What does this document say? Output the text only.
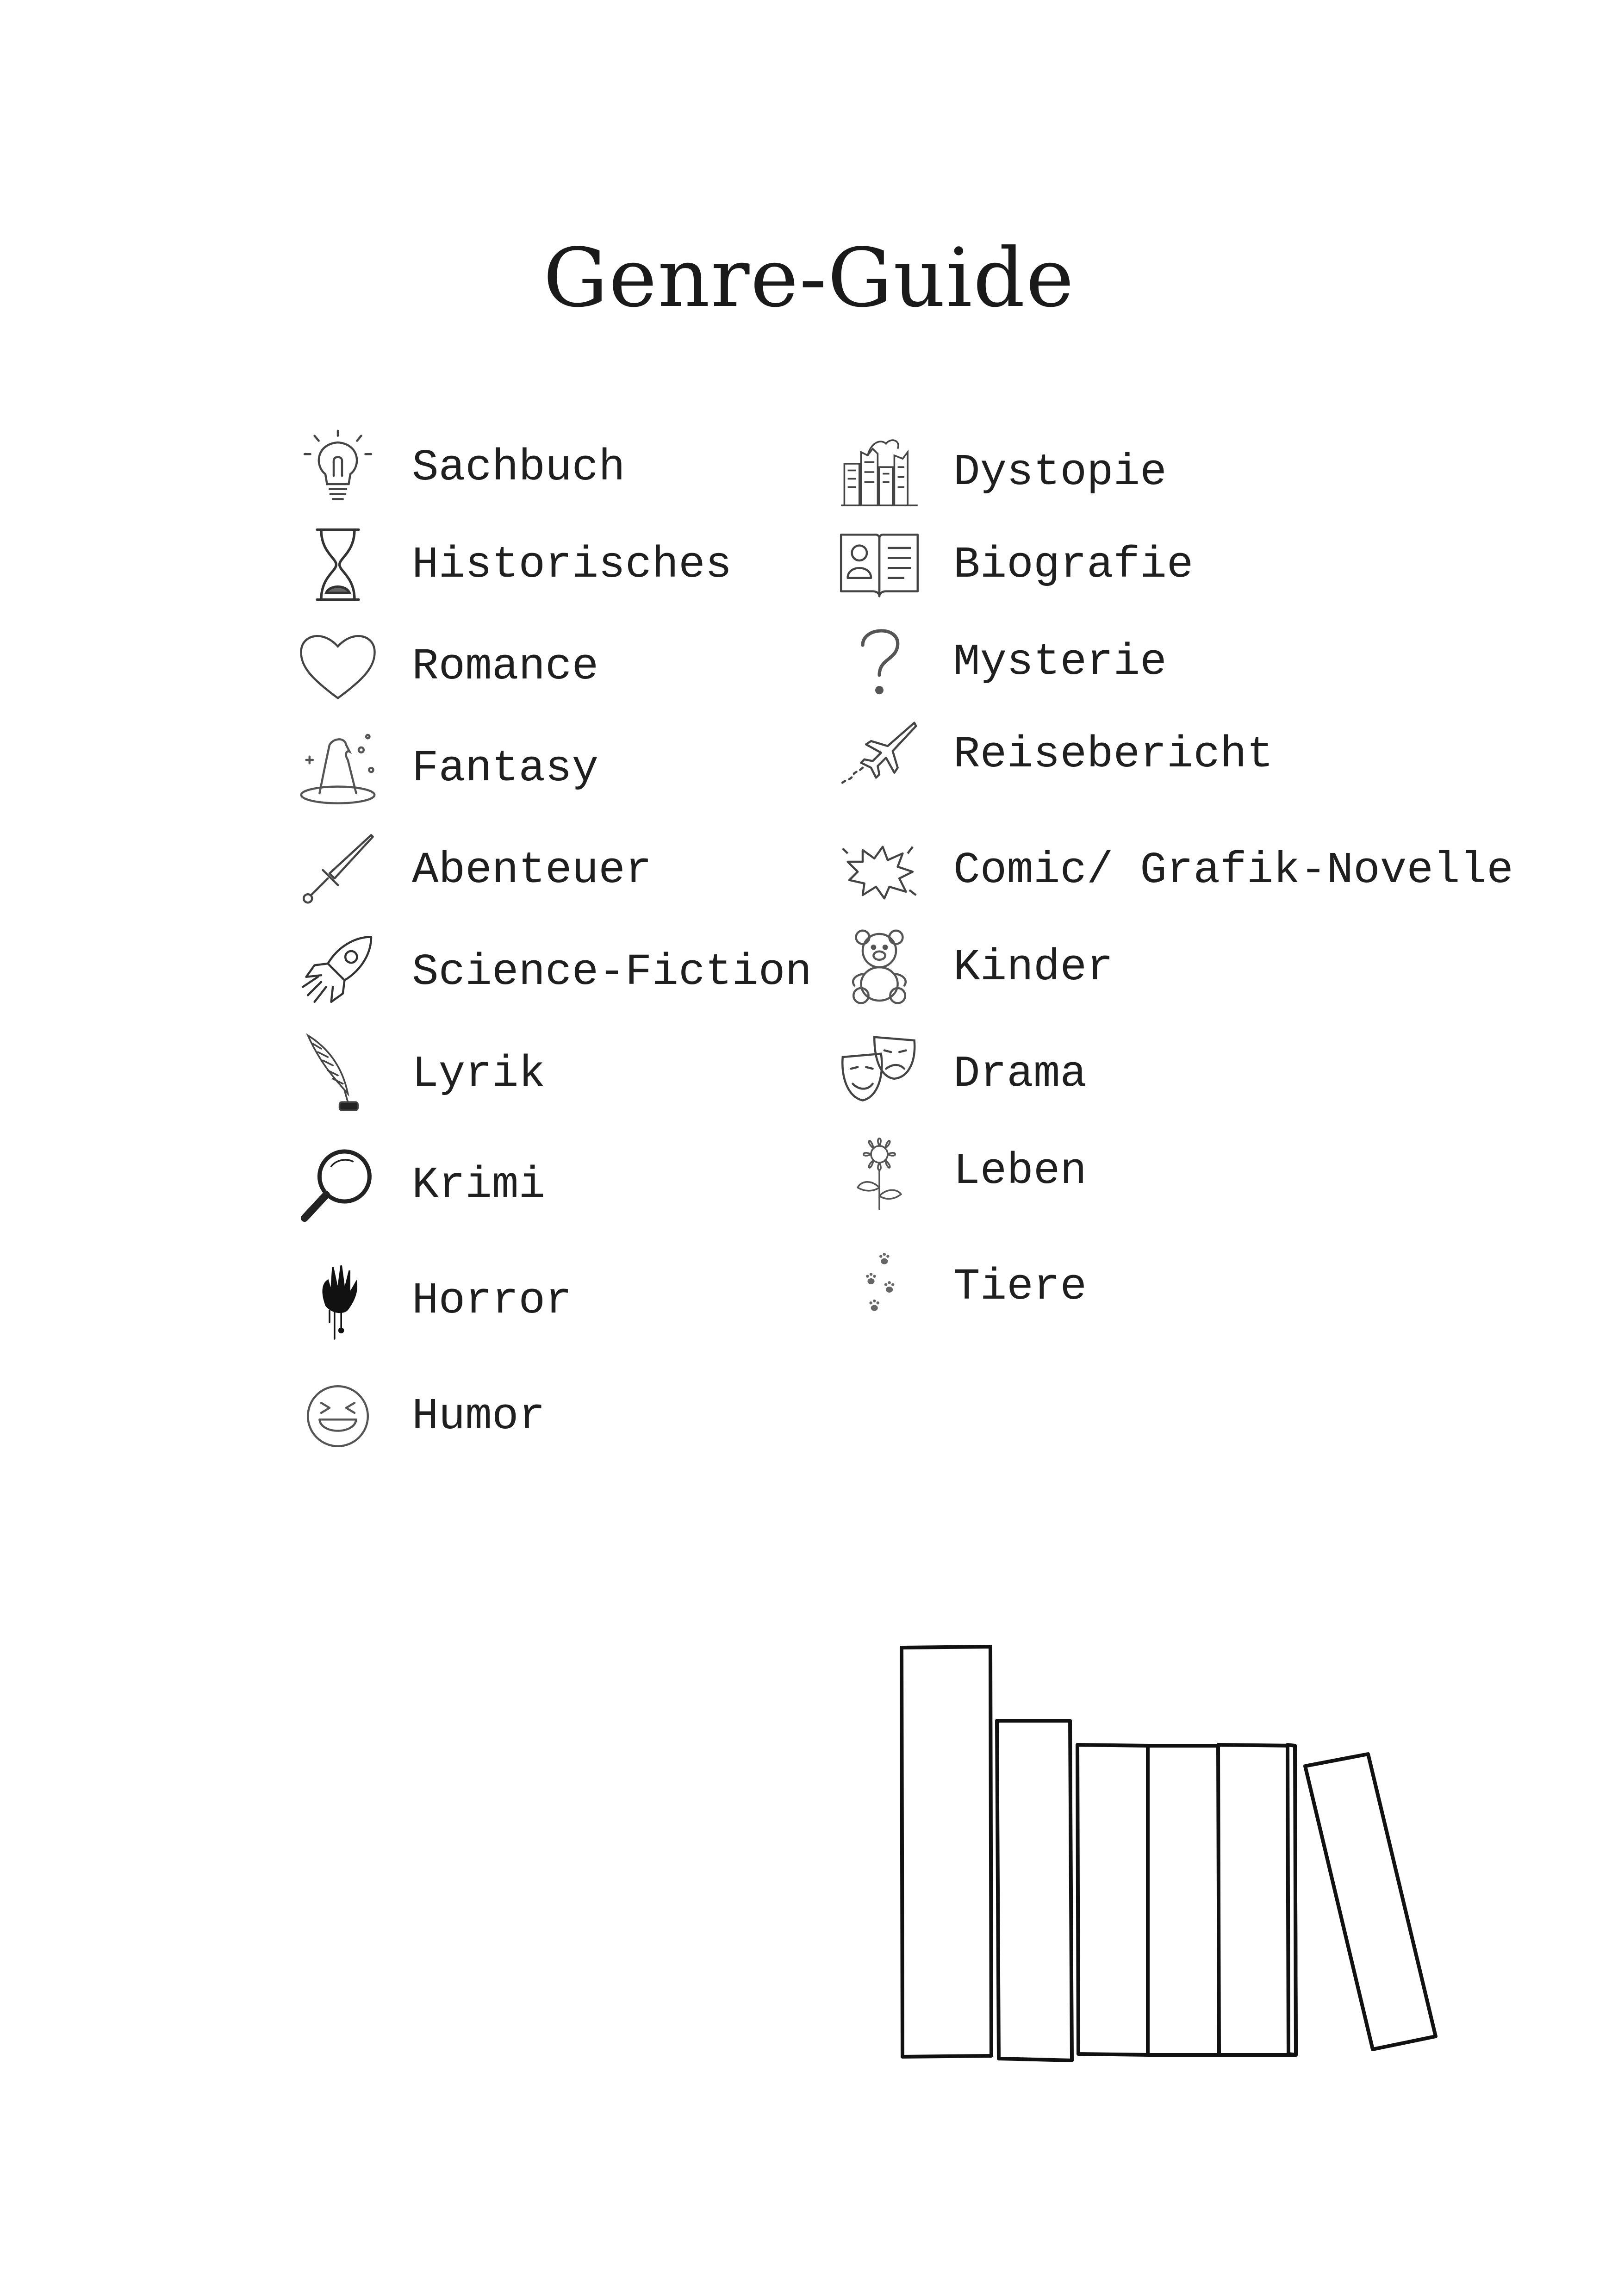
Genre-Guide
Sachbuch
Historisches
Romance
Fantasy
Abenteuer
Science-Fiction
Lyrik
Krimi
Horror
Humor
Dystopie
Biografie
Mysterie
Reisebericht
Comic/ Grafik-Novelle
Kinder
Drama
Leben
Tiere
